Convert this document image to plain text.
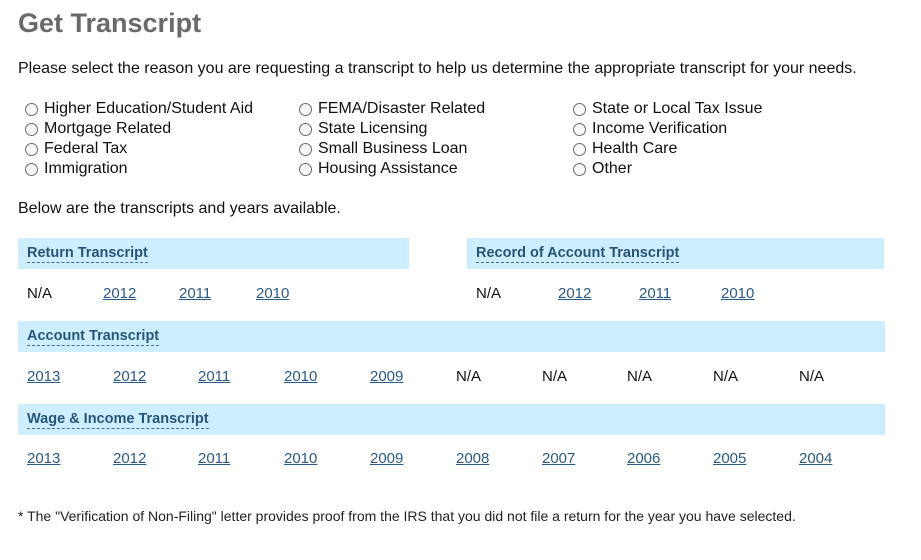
Get Transcript
Please select the reason you are requesting a transcript to help us determine the appropriate transcript for your needs.
Higher Education/Student Aid	FEMA/Disaster Related	State or Local Tax Issue
Mortgage Related	State Licensing	Income Verification
Federal Tax	Small Business Loan	Health Care
Immigration	Housing Assistance	Other
Below are the transcripts and years available.
Return Transcript
N/A	2012	2011	2010
Record of Account Transcript
N/A	2012	2011	2010
Account Transcript
2013	2012	2011	2010	2009	N/A	N/A	N/A	N/A	N/A
Wage & Income Transcript
2013	2012	2011	2010	2009	2008	2007	2006	2005	2004
* The "Verification of Non-Filing" letter provides proof from the IRS that you did not file a return for the year you have selected.
